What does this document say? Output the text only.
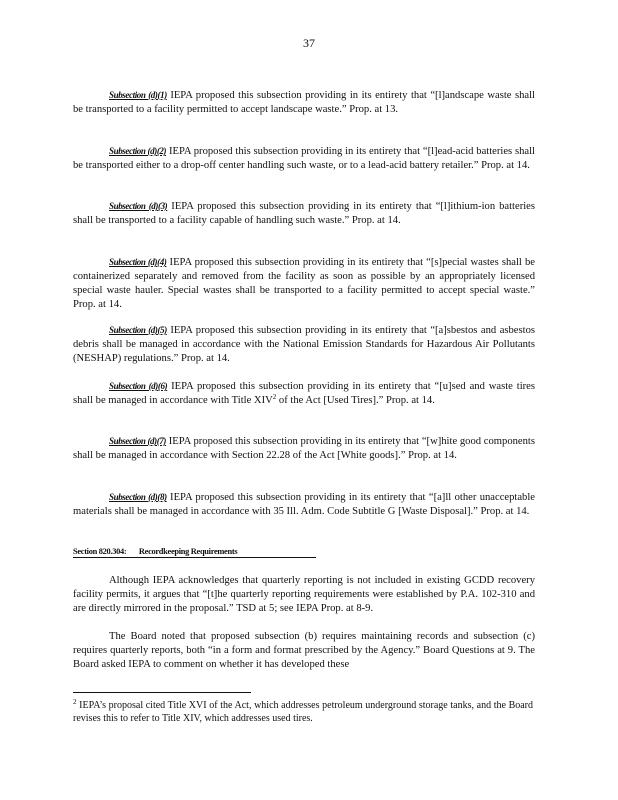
37

Subsection (d)(1) IEPA proposed this subsection providing in its entirety that “[l]andscape waste shall be transported to a facility permitted to accept landscape waste.” Prop. at 13.

Subsection (d)(2) IEPA proposed this subsection providing in its entirety that “[l]ead-acid batteries shall be transported either to a drop-off center handling such waste, or to a lead-acid battery retailer.” Prop. at 14.

Subsection (d)(3) IEPA proposed this subsection providing in its entirety that “[l]ithium-ion batteries shall be transported to a facility capable of handling such waste.” Prop. at 14.

Subsection (d)(4) IEPA proposed this subsection providing in its entirety that “[s]pecial wastes shall be containerized separately and removed from the facility as soon as possible by an appropriately licensed special waste hauler. Special wastes shall be transported to a facility permitted to accept special waste.” Prop. at 14.

Subsection (d)(5) IEPA proposed this subsection providing in its entirety that “[a]sbestos and asbestos debris shall be managed in accordance with the National Emission Standards for Hazardous Air Pollutants (NESHAP) regulations.” Prop. at 14.

Subsection (d)(6) IEPA proposed this subsection providing in its entirety that “[u]sed and waste tires shall be managed in accordance with Title XIV$^2$ of the Act [Used Tires].” Prop. at 14.

Subsection (d)(7) IEPA proposed this subsection providing in its entirety that “[w]hite good components shall be managed in accordance with Section 22.28 of the Act [White goods].” Prop. at 14.

Subsection (d)(8) IEPA proposed this subsection providing in its entirety that “[a]ll other unacceptable materials shall be managed in accordance with 35 Ill. Adm. Code Subtitle G [Waste Disposal].” Prop. at 14.

Section 820.304: Recordkeeping Requirements

Although IEPA acknowledges that quarterly reporting is not included in existing GCDD recovery facility permits, it argues that “[t]he quarterly reporting requirements were established by P.A. 102-310 and are directly mirrored in the proposal.” TSD at 5; see IEPA Prop. at 8-9.

The Board noted that proposed subsection (b) requires maintaining records and subsection (c) requires quarterly reports, both “in a form and format prescribed by the Agency.” Board Questions at 9. The Board asked IEPA to comment on whether it has developed these

$^2$ IEPA’s proposal cited Title XVI of the Act, which addresses petroleum underground storage tanks, and the Board revises this to refer to Title XIV, which addresses used tires.
